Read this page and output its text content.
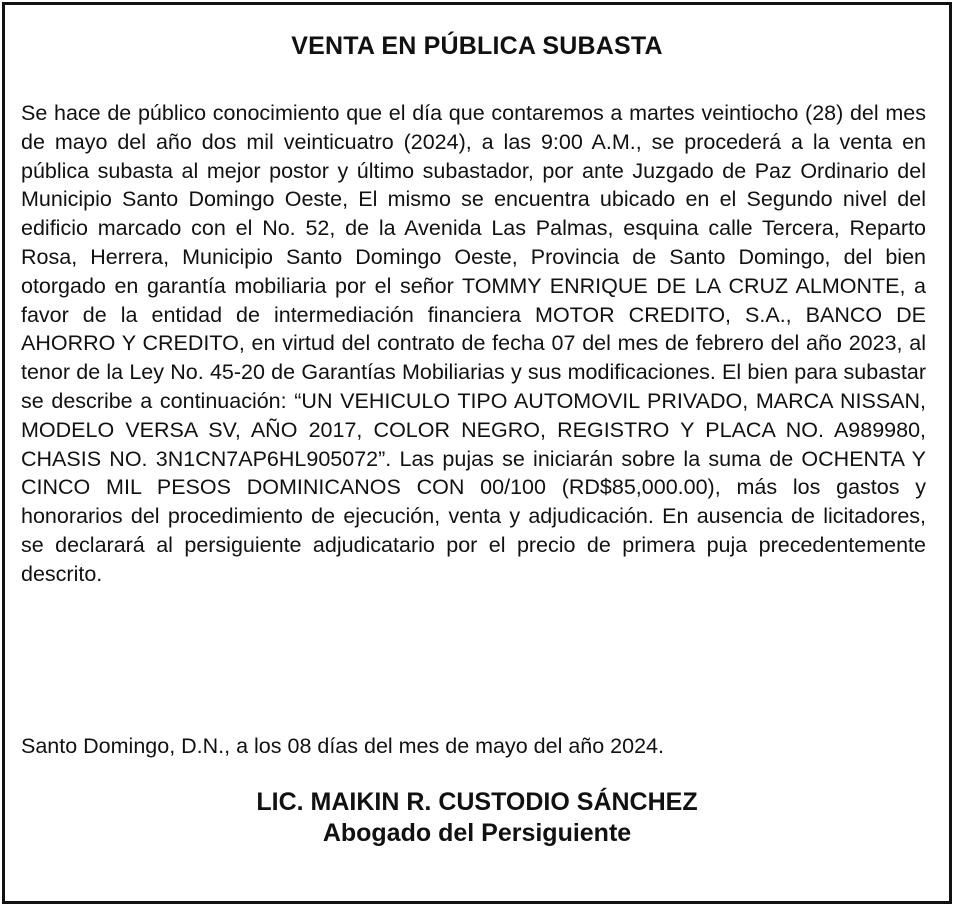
VENTA EN PÚBLICA SUBASTA

Se hace de público conocimiento que el día que contaremos a martes veintiocho (28) del mes de mayo del año dos mil veinticuatro (2024), a las 9:00 A.M., se procederá a la venta en pública subasta al mejor postor y último subastador, por ante Juzgado de Paz Ordinario del Municipio Santo Domingo Oeste, El mismo se encuentra ubicado en el Segundo nivel del edificio marcado con el No. 52, de la Avenida Las Palmas, esquina calle Tercera, Reparto Rosa, Herrera, Municipio Santo Domingo Oeste, Provincia de Santo Domingo, del bien otorgado en garantía mobiliaria por el señor TOMMY ENRIQUE DE LA CRUZ ALMONTE, a favor de la entidad de intermediación financiera MOTOR CREDITO, S.A., BANCO DE AHORRO Y CREDITO, en virtud del contrato de fecha 07 del mes de febrero del año 2023, al tenor de la Ley No. 45-20 de Garantías Mobiliarias y sus modificaciones. El bien para subastar se describe a continuación: “UN VEHICULO TIPO AUTOMOVIL PRIVADO, MARCA NISSAN, MODELO VERSA SV, AÑO 2017, COLOR NEGRO, REGISTRO Y PLACA NO. A989980, CHASIS NO. 3N1CN7AP6HL905072”. Las pujas se iniciarán sobre la suma de OCHENTA Y CINCO MIL PESOS DOMINICANOS CON 00/100 (RD$85,000.00), más los gastos y honorarios del procedimiento de ejecución, venta y adjudicación. En ausencia de licitadores, se declarará al persiguiente adjudicatario por el precio de primera puja precedentemente descrito.

Santo Domingo, D.N., a los 08 días del mes de mayo del año 2024.

LIC. MAIKIN R. CUSTODIO SÁNCHEZ
Abogado del Persiguiente
